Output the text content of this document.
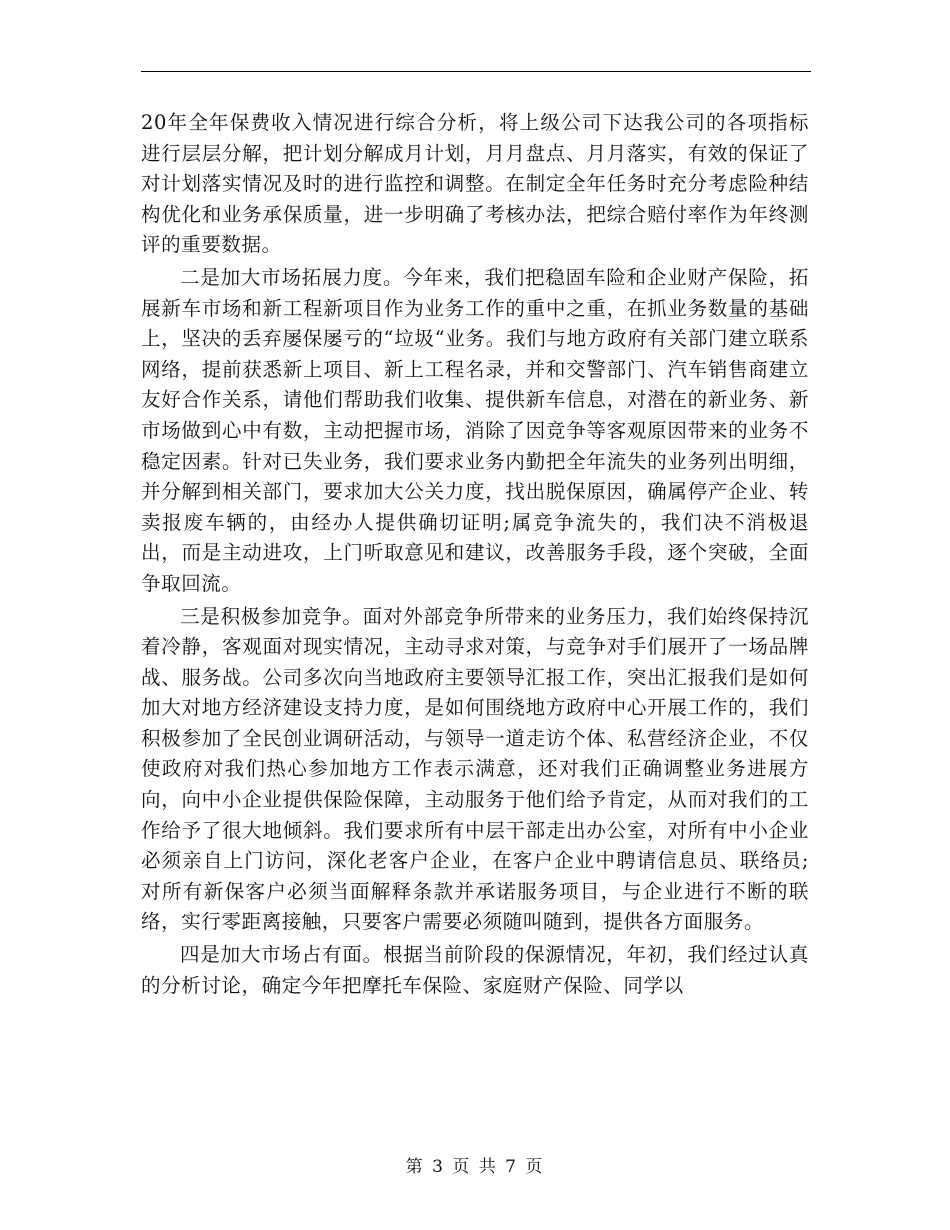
20年全年保费收入情况进行综合分析，将上级公司下达我公司的各项指标进行层层分解，把计划分解成月计划，月月盘点、月月落实，有效的保证了对计划落实情况及时的进行监控和调整。在制定全年任务时充分考虑险种结构优化和业务承保质量，进一步明确了考核办法，把综合赔付率作为年终测评的重要数据。

二是加大市场拓展力度。今年来，我们把稳固车险和企业财产保险，拓展新车市场和新工程新项目作为业务工作的重中之重，在抓业务数量的基础上，坚决的丢弃屡保屡亏的“垃圾“业务。我们与地方政府有关部门建立联系网络，提前获悉新上项目、新上工程名录，并和交警部门、汽车销售商建立友好合作关系，请他们帮助我们收集、提供新车信息，对潜在的新业务、新市场做到心中有数，主动把握市场，消除了因竞争等客观原因带来的业务不稳定因素。针对已失业务，我们要求业务内勤把全年流失的业务列出明细，并分解到相关部门，要求加大公关力度，找出脱保原因，确属停产企业、转卖报废车辆的，由经办人提供确切证明;属竞争流失的，我们决不消极退出，而是主动进攻，上门听取意见和建议，改善服务手段，逐个突破，全面争取回流。

三是积极参加竞争。面对外部竞争所带来的业务压力，我们始终保持沉着冷静，客观面对现实情况，主动寻求对策，与竞争对手们展开了一场品牌战、服务战。公司多次向当地政府主要领导汇报工作，突出汇报我们是如何加大对地方经济建设支持力度，是如何围绕地方政府中心开展工作的，我们积极参加了全民创业调研活动，与领导一道走访个体、私营经济企业，不仅使政府对我们热心参加地方工作表示满意，还对我们正确调整业务进展方向，向中小企业提供保险保障，主动服务于他们给予肯定，从而对我们的工作给予了很大地倾斜。我们要求所有中层干部走出办公室，对所有中小企业必须亲自上门访问，深化老客户企业，在客户企业中聘请信息员、联络员;对所有新保客户必须当面解释条款并承诺服务项目，与企业进行不断的联络，实行零距离接触，只要客户需要必须随叫随到，提供各方面服务。

四是加大市场占有面。根据当前阶段的保源情况，年初，我们经过认真的分析讨论，确定今年把摩托车保险、家庭财产保险、同学以

第 3 页 共 7 页
